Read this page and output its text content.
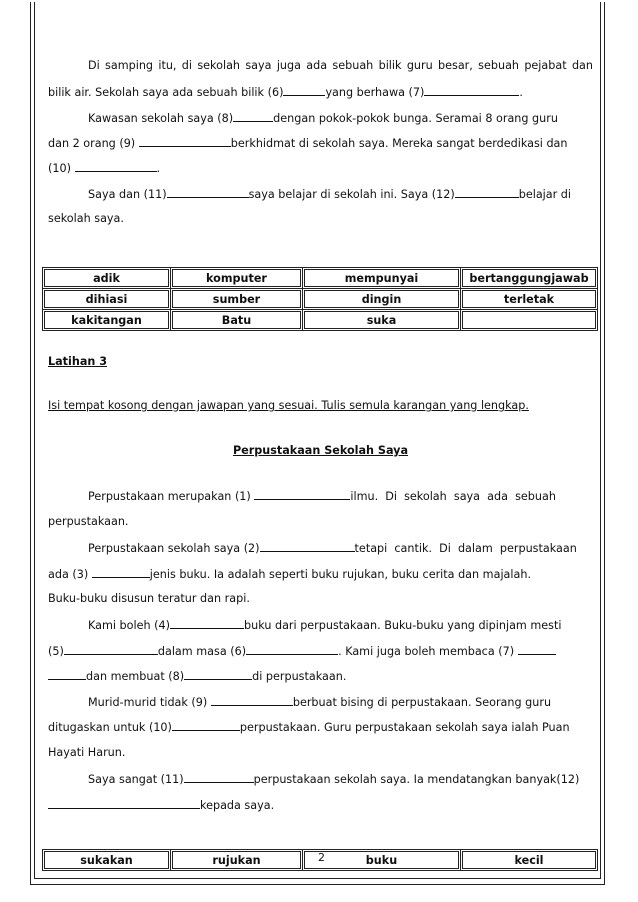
Di samping itu, di sekolah saya juga ada sebuah bilik guru besar, sebuah pejabat dan
bilik air. Sekolah saya ada sebuah bilik (6)	yang berhawa (7)	.
Kawasan sekolah saya (8)	dengan pokok-pokok bunga. Seramai 8 orang guru
dan 2 orang (9)	berkhidmat di sekolah saya. Mereka sangat berdedikasi dan
(10)	.
Saya dan (11)	saya belajar di sekolah ini. Saya (12)	belajar di
sekolah saya.
Latihan 3
Isi tempat kosong dengan jawapan yang sesuai. Tulis semula karangan yang lengkap.
Perpustakaan Sekolah Saya
Perpustakaan merupakan (1)	ilmu.  Di  sekolah  saya  ada  sebuah
perpustakaan.
Perpustakaan sekolah saya (2)	tetapi  cantik.  Di  dalam  perpustakaan
ada (3)	jenis buku. Ia adalah seperti buku rujukan, buku cerita dan majalah.
Buku-buku disusun teratur dan rapi.
Kami boleh (4)	buku dari perpustakaan. Buku-buku yang dipinjam mesti
(5)	dalam masa (6)	. Kami juga boleh membaca (7)
dan membuat (8)	di perpustakaan.
Murid-murid tidak (9)	berbuat bising di perpustakaan. Seorang guru
ditugaskan untuk (10)	perpustakaan. Guru perpustakaan sekolah saya ialah Puan
Hayati Harun.
Saya sangat (11)	perpustakaan sekolah saya. Ia mendatangkan banyak(12)
kepada saya.
adik	komputer	mempunyai	bertanggungjawab
dihiasi	sumber	dingin	terletak
kakitangan	Batu	suka	
sukakan	rujukan	buku	kecil
2
